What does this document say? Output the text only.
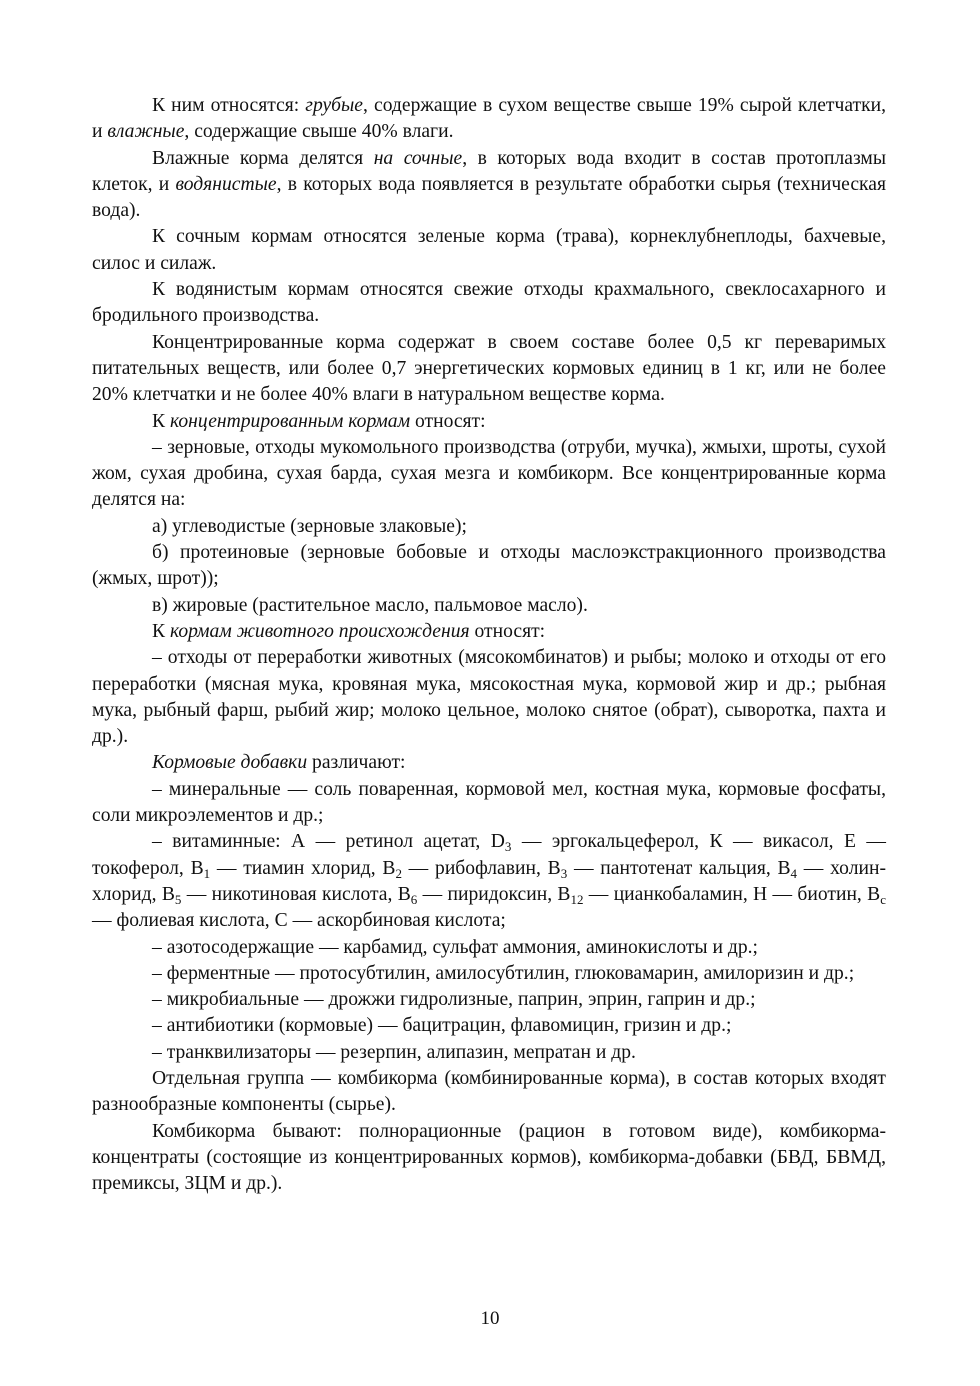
К ним относятся: грубые, содержащие в сухом веществе свыше 19% сырой клетчатки, и влажные, содержащие свыше 40% влаги.

Влажные корма делятся на сочные, в которых вода входит в состав протоплазмы клеток, и водянистые, в которых вода появляется в результате обработки сырья (техническая вода).

К сочным кормам относятся зеленые корма (трава), корнеклубнеплоды, бахчевые, силос и силаж.

К водянистым кормам относятся свежие отходы крахмального, свеклосахарного и бродильного производства.

Концентрированные корма содержат в своем составе более 0,5 кг переваримых питательных веществ, или более 0,7 энергетических кормовых единиц в 1 кг, или не более 20% клетчатки и не более 40% влаги в натуральном веществе корма.

К концентрированным кормам относят:

– зерновые, отходы мукомольного производства (отруби, мучка), жмыхи, шроты, сухой жом, сухая дробина, сухая барда, сухая мезга и комбикорм. Все концентрированные корма делятся на:

а) углеводистые (зерновые злаковые);

б) протеиновые (зерновые бобовые и отходы маслоэкстракционного производства (жмых, шрот));

в) жировые (растительное масло, пальмовое масло).

К кормам животного происхождения относят:

– отходы от переработки животных (мясокомбинатов) и рыбы; молоко и отходы от его переработки (мясная мука, кровяная мука, мясокостная мука, кормовой жир и др.; рыбная мука, рыбный фарш, рыбий жир; молоко цельное, молоко снятое (обрат), сыворотка, пахта и др.).

Кормовые добавки различают:

– минеральные — соль поваренная, кормовой мел, костная мука, кормовые фосфаты, соли микроэлементов и др.;

– витаминные: А — ретинол ацетат, $D_3$ — эргокальцеферол, К — викасол, Е — токоферол, $В_1$ — тиамин хлорид, $В_2$ — рибофлавин, $В_3$ — пантотенат кальция, $В_4$ — холин-хлорид, $В_5$ — никотиновая кислота, $В_6$ — пиридоксин, $В_{12}$ — цианкобаламин, Н — биотин, $В_с$ — фолиевая кислота, С — аскорбиновая кислота;

– азотосодержащие — карбамид, сульфат аммония, аминокислоты и др.;

– ферментные — протосубтилин, амилосубтилин, глюковамарин, амилоризин и др.;

– микробиальные — дрожжи гидролизные, паприн, эприн, гаприн и др.;

– антибиотики (кормовые) — бацитрацин, флавомицин, гризин и др.;

– транквилизаторы — резерпин, алипазин, мепратан и др.

Отдельная группа — комбикорма (комбинированные корма), в состав которых входят разнообразные компоненты (сырье).

Комбикорма бывают: полнорационные (рацион в готовом виде), комбикорма-концентраты (состоящие из концентрированных кормов), комбикорма-добавки (БВД, БВМД, премиксы, ЗЦМ и др.).

10
